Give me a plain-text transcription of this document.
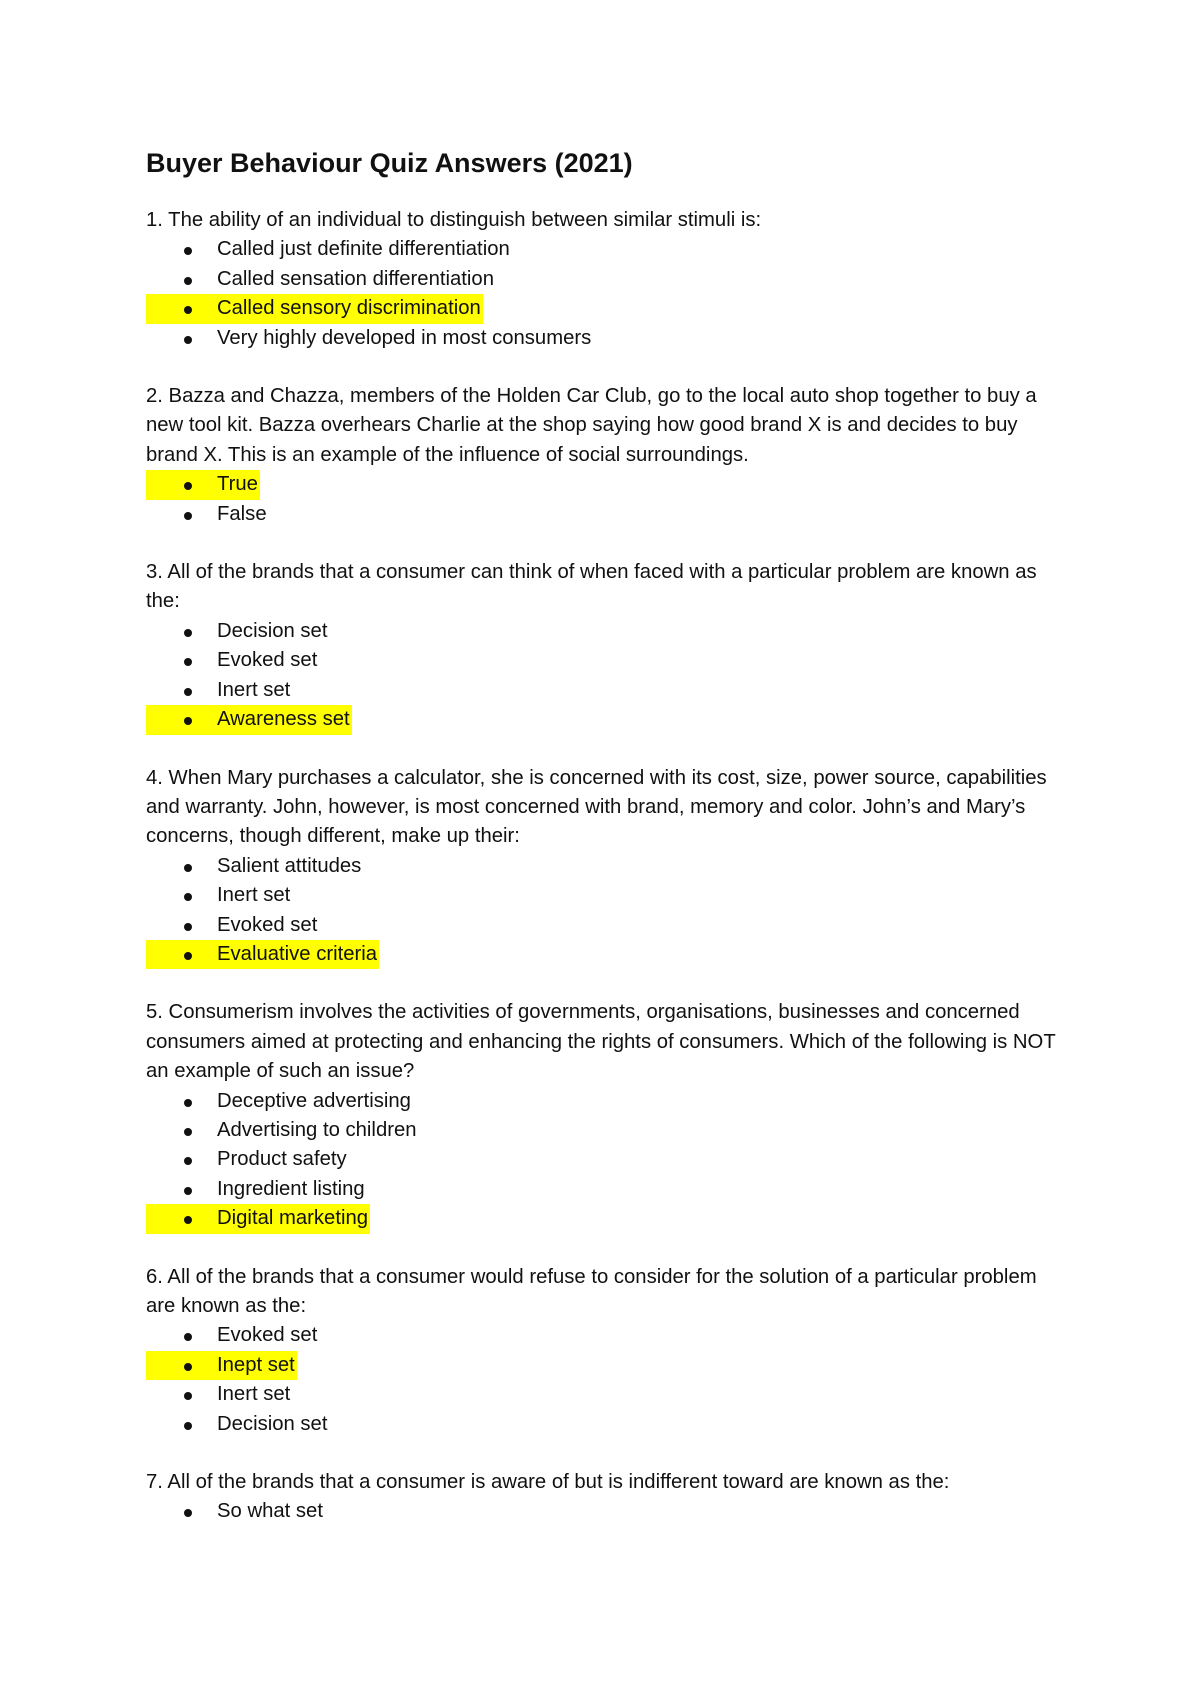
Buyer Behaviour Quiz Answers (2021)

1. The ability of an individual to distinguish between similar stimuli is:

Called just definite differentiation
Called sensation differentiation
Called sensory discrimination
Very highly developed in most consumers

2. Bazza and Chazza, members of the Holden Car Club, go to the local auto shop together to buy a new tool kit. Bazza overhears Charlie at the shop saying how good brand X is and decides to buy brand X. This is an example of the influence of social surroundings.

True
False

3. All of the brands that a consumer can think of when faced with a particular problem are known as the:

Decision set
Evoked set
Inert set
Awareness set

4. When Mary purchases a calculator, she is concerned with its cost, size, power source, capabilities and warranty. John, however, is most concerned with brand, memory and color. John’s and Mary’s concerns, though different, make up their:

Salient attitudes
Inert set
Evoked set
Evaluative criteria

5. Consumerism involves the activities of governments, organisations, businesses and concerned consumers aimed at protecting and enhancing the rights of consumers. Which of the following is NOT an example of such an issue?

Deceptive advertising
Advertising to children
Product safety
Ingredient listing
Digital marketing

6. All of the brands that a consumer would refuse to consider for the solution of a particular problem are known as the:

Evoked set
Inept set
Inert set
Decision set

7. All of the brands that a consumer is aware of but is indifferent toward are known as the:

So what set
